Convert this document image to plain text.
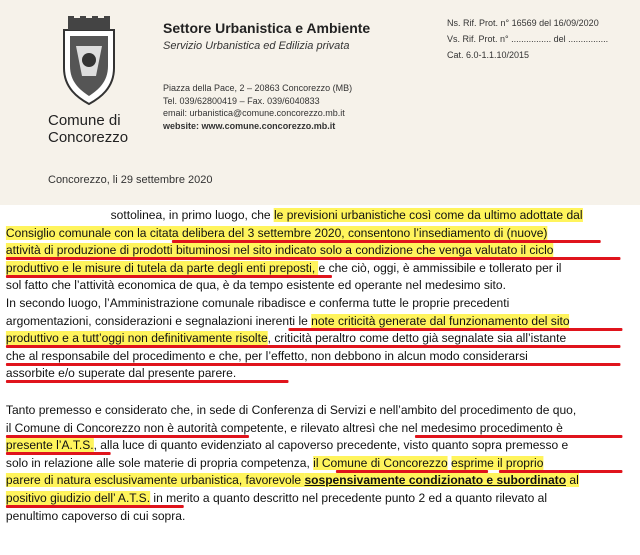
Comune di
Concorezzo
Settore Urbanistica e Ambiente
Servizio Urbanistica ed Edilizia privata
Piazza della Pace, 2 – 20863 Concorezzo (MB)
Tel. 039/62800419 – Fax. 039/6040833
email: urbanistica@comune.concorezzo.mb.it
website: www.comune.concorezzo.mb.it
Ns. Rif. Prot. n° 16569 del 16/09/2020
Vs. Rif. Prot. n° ................ del ................
Cat. 6.0-1.1.10/2015
Concorezzo, li 29 settembre 2020
sottolinea, in primo luogo, che le previsioni urbanistiche così come da ultimo adottate dal
Consiglio comunale con la citata delibera del 3 settembre 2020, consentono l’insediamento di (nuove)
attività di produzione di prodotti bituminosi nel sito indicato solo a condizione che venga valutato il ciclo
produttivo e le misure di tutela da parte degli enti preposti, e che ciò, oggi, è ammissibile e tollerato per il
sol fatto che l’attività economica de qua, è da tempo esistente ed operante nel medesimo sito.
In secondo luogo, l’Amministrazione comunale ribadisce e conferma tutte le proprie precedenti
argomentazioni, considerazioni e segnalazioni inerenti le note criticità generate dal funzionamento del sito
produttivo e a tutt’oggi non definitivamente risolte, criticità peraltro come detto già segnalate sia all’istante
che al responsabile del procedimento e che, per l’effetto, non debbono in alcun modo considerarsi
assorbite e/o superate dal presente parere.
Tanto premesso e considerato che, in sede di Conferenza di Servizi e nell’ambito del procedimento de quo,
il Comune di Concorezzo non è autorità competente, e rilevato altresì che nel medesimo procedimento è
presente l’A.T.S., alla luce di quanto evidenziato al capoverso precedente, visto quanto sopra premesso e
solo in relazione alle sole materie di propria competenza, il Comune di Concorezzo esprime il proprio
parere di natura esclusivamente urbanistica, favorevole sospensivamente condizionato e subordinato al
positivo giudizio dell’ A.T.S. in merito a quanto descritto nel precedente punto 2 ed a quanto rilevato al
penultimo capoverso di cui sopra.
